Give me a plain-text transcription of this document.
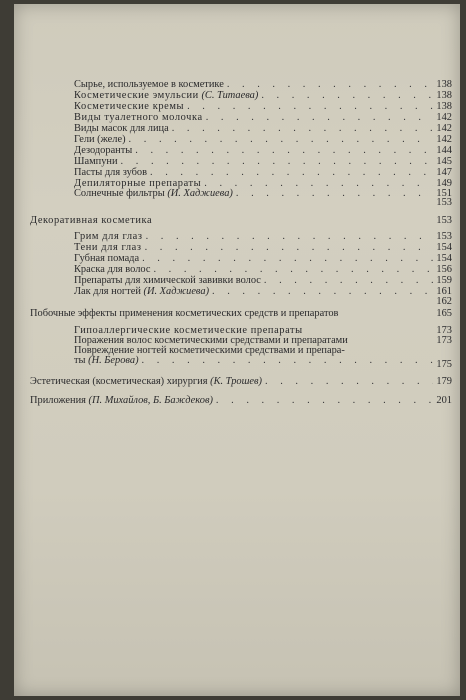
Сырье, используемое в косметике . . .	138
Косметические эмульсии
(С. Титаева) . . .	138
Косметические кремы . . .	138
Виды туалетного молочка . . .	142
Виды масок для лица . . .	142
Гели (желе) . . .	142
Дезодоранты . . .	144
Шампуни . . .	145
Пасты для зубов . . .	147
Депиляторные препараты . . .	149
Солнечные фильтры
(И. Хаджиева) . . .	151
153
Декоративная косметика	153
Грим для глаз . . .	153
Тени для глаз . . .	154
Губная помада . . .	154
Краска для волос . . .	156
Препараты для химической завивки волос . . .	159
Лак для ногтей
(И. Хаджиева) . . .	161
162
Побочные эффекты применения косметических средств и препаратов	165
Гипоаллергические косметические препараты	173
Поражения волос косметическими средствами и препаратами	173
Повреждение ногтей косметическими средствами и препара-
ты
(Н. Берова) . . .	175
Эстетическая (косметическая) хирургия
(К. Трошев) . . .	179
Приложения
(П. Михайлов, Б. Баждеков) . . .	201
